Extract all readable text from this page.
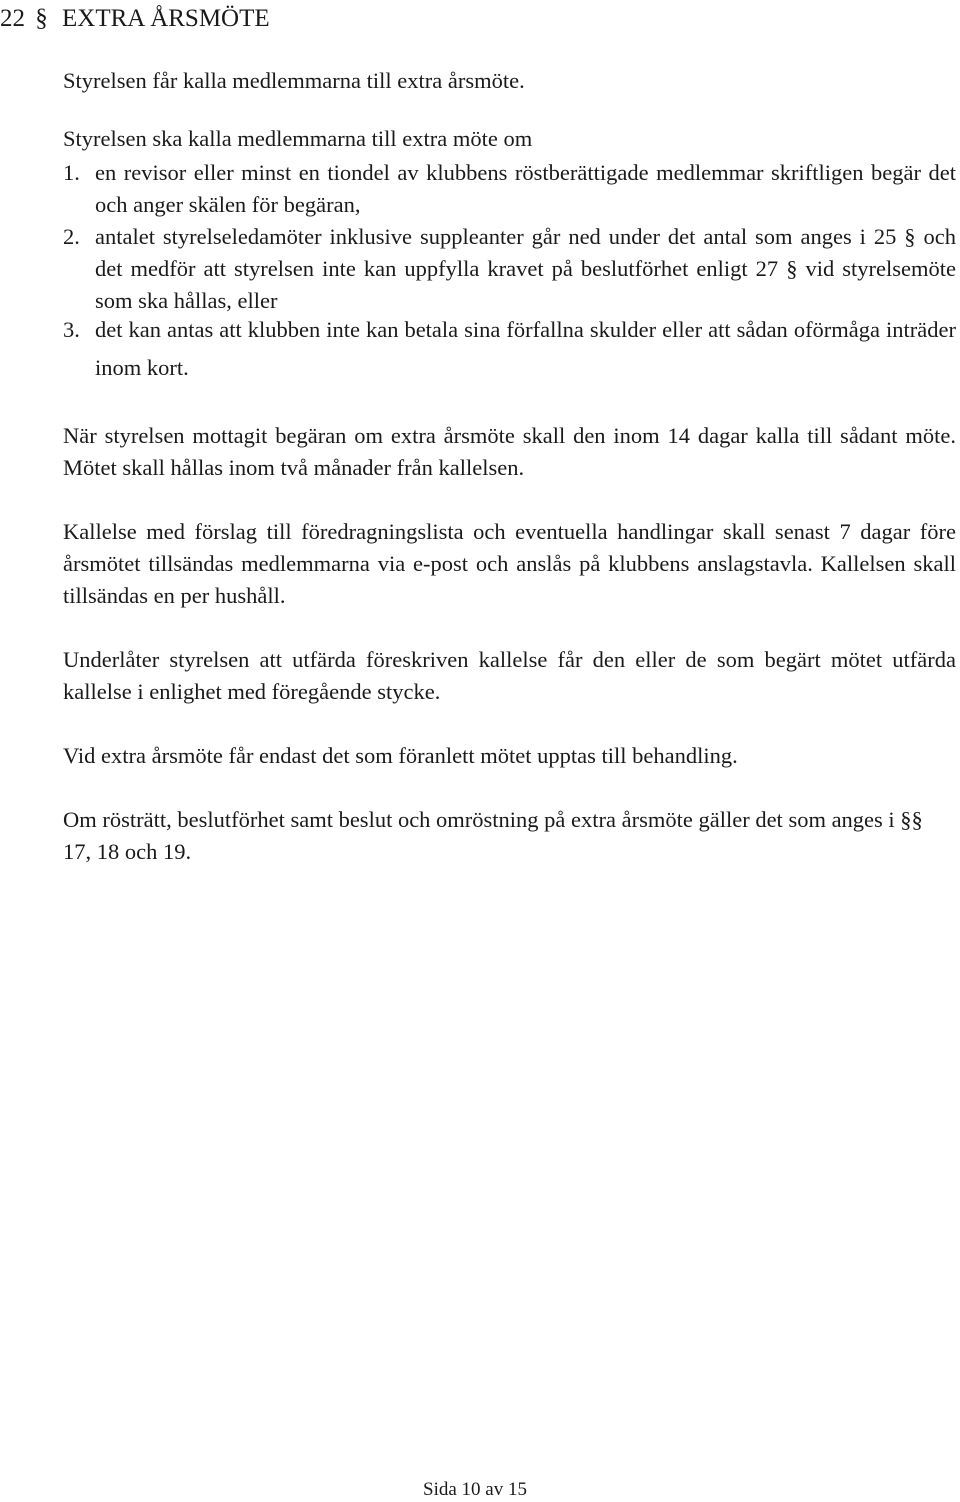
22 § EXTRA ÅRSMÖTE
Styrelsen får kalla medlemmarna till extra årsmöte.
Styrelsen ska kalla medlemmarna till extra möte om
1. en revisor eller minst en tiondel av klubbens röstberättigade medlemmar skriftligen begär det och anger skälen för begäran,
2. antalet styrelseledamöter inklusive suppleanter går ned under det antal som anges i 25 § och det medför att styrelsen inte kan uppfylla kravet på beslutförhet enligt 27 § vid styrelsemöte som ska hållas, eller
3. det kan antas att klubben inte kan betala sina förfallna skulder eller att sådan oförmåga inträder inom kort.
När styrelsen mottagit begäran om extra årsmöte skall den inom 14 dagar kalla till sådant möte. Mötet skall hållas inom två månader från kallelsen.
Kallelse med förslag till föredragningslista och eventuella handlingar skall senast 7 dagar före årsmötet tillsändas medlemmarna via e-post och anslås på klubbens anslagstavla. Kallelsen skall tillsändas en per hushåll.
Underlåter styrelsen att utfärda föreskriven kallelse får den eller de som begärt mötet utfärda kallelse i enlighet med föregående stycke.
Vid extra årsmöte får endast det som föranlett mötet upptas till behandling.
Om rösträtt, beslutförhet samt beslut och omröstning på extra årsmöte gäller det som anges i §§ 17, 18 och 19.
Sida 10 av 15
